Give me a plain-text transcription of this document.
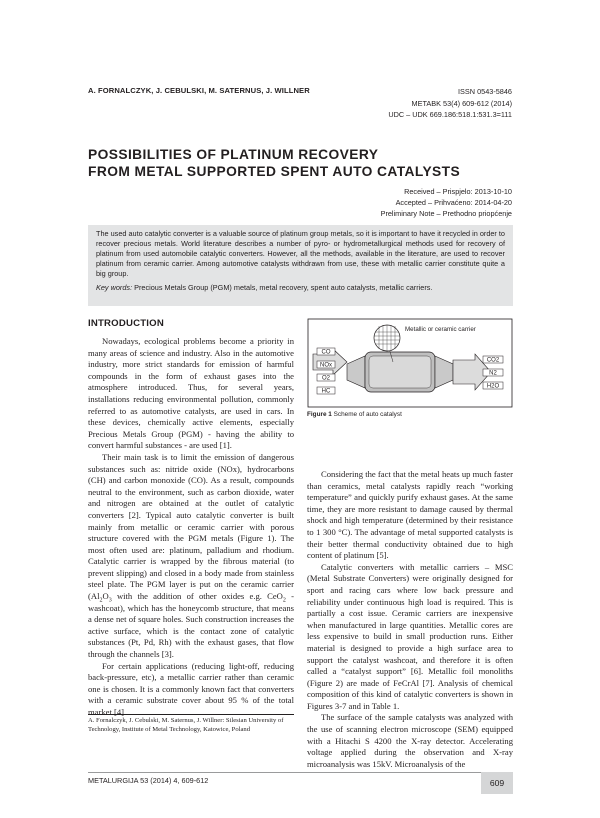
A. FORNALCZYK, J. CEBULSKI, M. SATERNUS, J. WILLNER	ISSN 0543-5846
METABK 53(4) 609-612 (2014)
UDC – UDK 669.186:518.1:531.3=111
POSSIBILITIES OF PLATINUM RECOVERY
FROM METAL SUPPORTED SPENT AUTO CATALYSTS
Received – Prispjelo: 2013-10-10
Accepted – Prihvaćeno: 2014-04-20
Preliminary Note – Prethodno priopćenje
The used auto catalytic converter is a valuable source of platinum group metals, so it is important to have it recycled in order to recover precious metals. World literature describes a number of pyro- or hydrometallurgical methods used for recovery of platinum from used automobile catalytic converters. However, all the methods, available in the literature, are used to recover platinum from ceramic carrier. Among automotive catalysts withdrawn from use, these with metallic carrier constitute quite a big group.
Key words: Precious Metals Group (PGM) metals, metal recovery, spent auto catalysts, metallic carriers.
INTRODUCTION

Nowadays, ecological problems become a priority in many areas of science and industry. Also in the automotive industry, more strict standards for emission of harmful compounds in the form of exhaust gases into the atmosphere introduced. Thus, for several years, installations reducing environmental pollution, commonly referred to as automotive catalysts, are used in cars. In these devices, chemically active elements, especially Precious Metals Group (PGM) - having the ability to convert harmful substances - are used [1].

Their main task is to limit the emission of dangerous substances such as: nitride oxide (NOx), hydrocarbons (CH) and carbon monoxide (CO). As a result, compounds neutral to the environment, such as carbon dioxide, water and nitrogen are obtained at the outlet of catalytic converters [2]. Typical auto catalytic converter is built mainly from metallic or ceramic carrier with porous structure covered with the PGM metals (Figure 1). The most often used are: platinum, palladium and rhodium. Catalytic carrier is wrapped by the fibrous material (to prevent slipping) and closed in a body made from stainless steel plate. The PGM layer is put on the ceramic carrier ($Al_2O_3$ with the addition of other oxides e.g. CeO$_2$ - washcoat), which has the honeycomb structure, that means a dense net of square holes. Such construction increases the active surface, which is the contact zone of catalytic substances (Pt, Pd, Rh) with the exhaust gases, that flow through the channels [3].

For certain applications (reducing light-off, reducing back-pressure, etc), a metallic carrier rather than ceramic one is chosen. It is a commonly known fact that converters with a ceramic substrate cover about 95 % of the total market [4].

CO
NOx
O2
HC
Metallic or ceramic carrier
CO2
N2
H2O
Figure 1 Scheme of auto catalyst

Considering the fact that the metal heats up much faster than ceramics, metal catalysts rapidly reach “working temperature” and quickly purify exhaust gases. At the same time, they are more resistant to damage caused by thermal shock and high temperature (determined by their resistance to 1 300 °C). The advantage of metal supported catalysts is their better thermal conductivity obtained due to high content of platinum [5].

Catalytic converters with metallic carriers – MSC (Metal Substrate Converters) were originally designed for sport and racing cars where low back pressure and reliability under continuous high load is required. This is partially a cost issue. Ceramic carriers are inexpensive when manufactured in large quantities. Metallic cores are less expensive to build in small production runs. Either material is designed to provide a high surface area to support the catalyst washcoat, and therefore it is often called a “catalyst support” [6]. Metallic foil monoliths (Figure 2) are made of FeCrAl [7]. Analysis of chemical composition of this kind of catalytic converters is shown in Figures 3-7 and in Table 1.

The surface of the sample catalysts was analyzed with the use of scanning electron microscope (SEM) equipped with a Hitachi S 4200 the X-ray detector. Accelerating voltage applied during the observation and X-ray microanalysis was 15kV. Microanalysis of the

A. Fornalczyk, J. Cebulski, M. Saternus, J. Willner: Silesian University of Technology, Institute of Metal Technology, Katowice, Poland
METALURGIJA 53 (2014) 4, 609-612	609
